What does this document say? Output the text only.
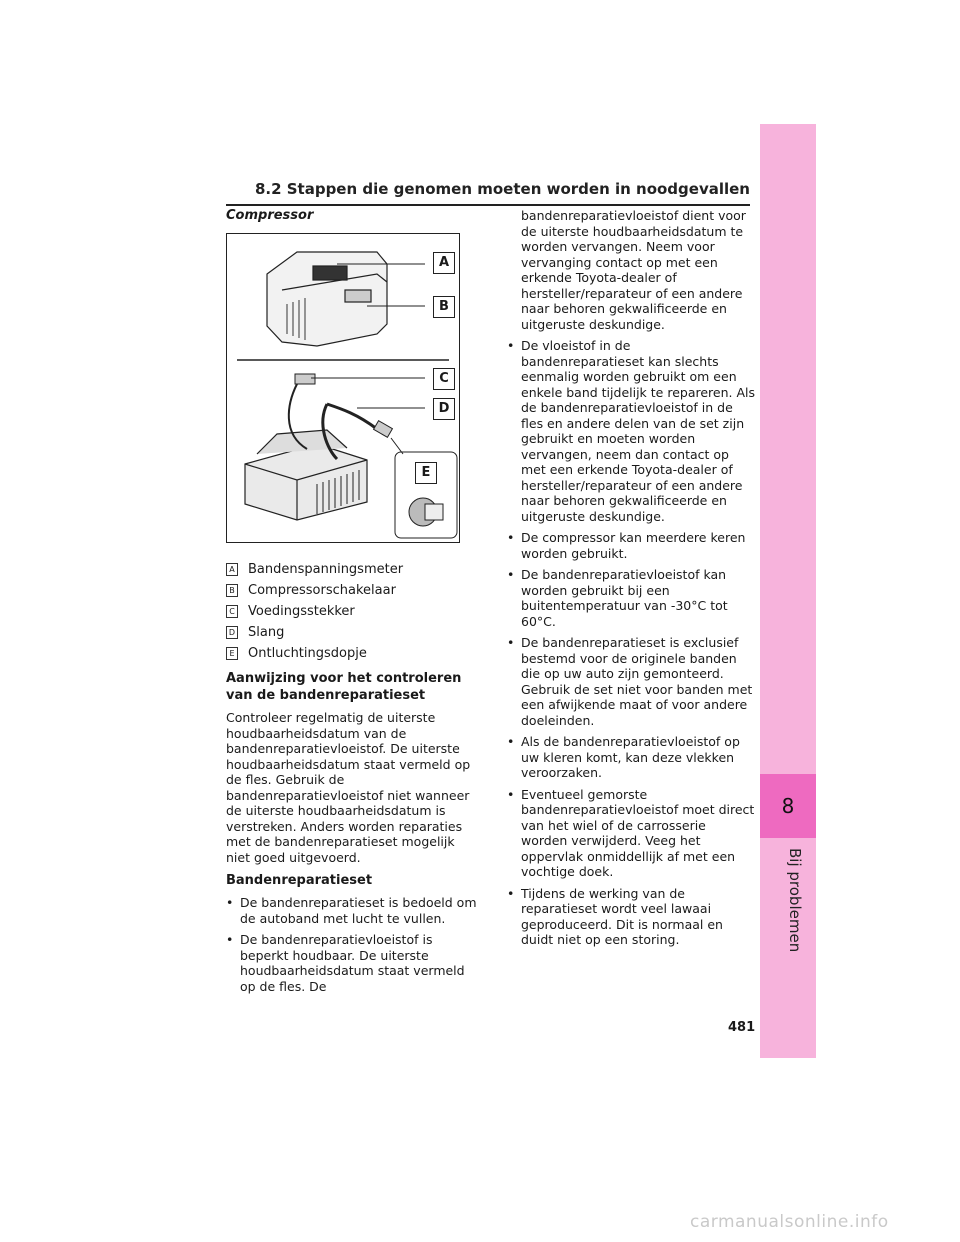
8
Bij problemen
8.2 Stappen die genomen moeten worden in noodgevallen
Compressor
A
B
C
D
E
A Bandenspanningsmeter
B Compressorschakelaar
C Voedingsstekker
D Slang
E Ontluchtingsdopje
Aanwijzing voor het controleren van de bandenreparatieset

Controleer regelmatig de uiterste houdbaarheidsdatum van de bandenreparatievloeistof. De uiterste houdbaarheidsdatum staat vermeld op de fles. Gebruik de bandenreparatievloeistof niet wanneer de uiterste houdbaarheidsdatum is verstreken. Anders worden reparaties met de bandenreparatieset mogelijk niet goed uitgevoerd.

Bandenreparatieset
• De bandenreparatieset is bedoeld om de autoband met lucht te vullen.
• De bandenreparatievloeistof is beperkt houdbaar. De uiterste houdbaarheidsdatum staat vermeld op de fles. De
bandenreparatievloeistof dient voor de uiterste houdbaarheidsdatum te worden vervangen. Neem voor vervanging contact op met een erkende Toyota-dealer of hersteller/reparateur of een andere naar behoren gekwalificeerde en uitgeruste deskundige.
• De vloeistof in de bandenreparatieset kan slechts eenmalig worden gebruikt om een enkele band tijdelijk te repareren. Als de bandenreparatievloeistof in de fles en andere delen van de set zijn gebruikt en moeten worden vervangen, neem dan contact op met een erkende Toyota-dealer of hersteller/reparateur of een andere naar behoren gekwalificeerde en uitgeruste deskundige.
• De compressor kan meerdere keren worden gebruikt.
• De bandenreparatievloeistof kan worden gebruikt bij een buitentemperatuur van -30°C tot 60°C.
• De bandenreparatieset is exclusief bestemd voor de originele banden die op uw auto zijn gemonteerd. Gebruik de set niet voor banden met een afwijkende maat of voor andere doeleinden.
• Als de bandenreparatievloeistof op uw kleren komt, kan deze vlekken veroorzaken.
• Eventueel gemorste bandenreparatievloeistof moet direct van het wiel of de carrosserie worden verwijderd. Veeg het oppervlak onmiddellijk af met een vochtige doek.
• Tijdens de werking van de reparatieset wordt veel lawaai geproduceerd. Dit is normaal en duidt niet op een storing.
481
carmanualsonline.info
